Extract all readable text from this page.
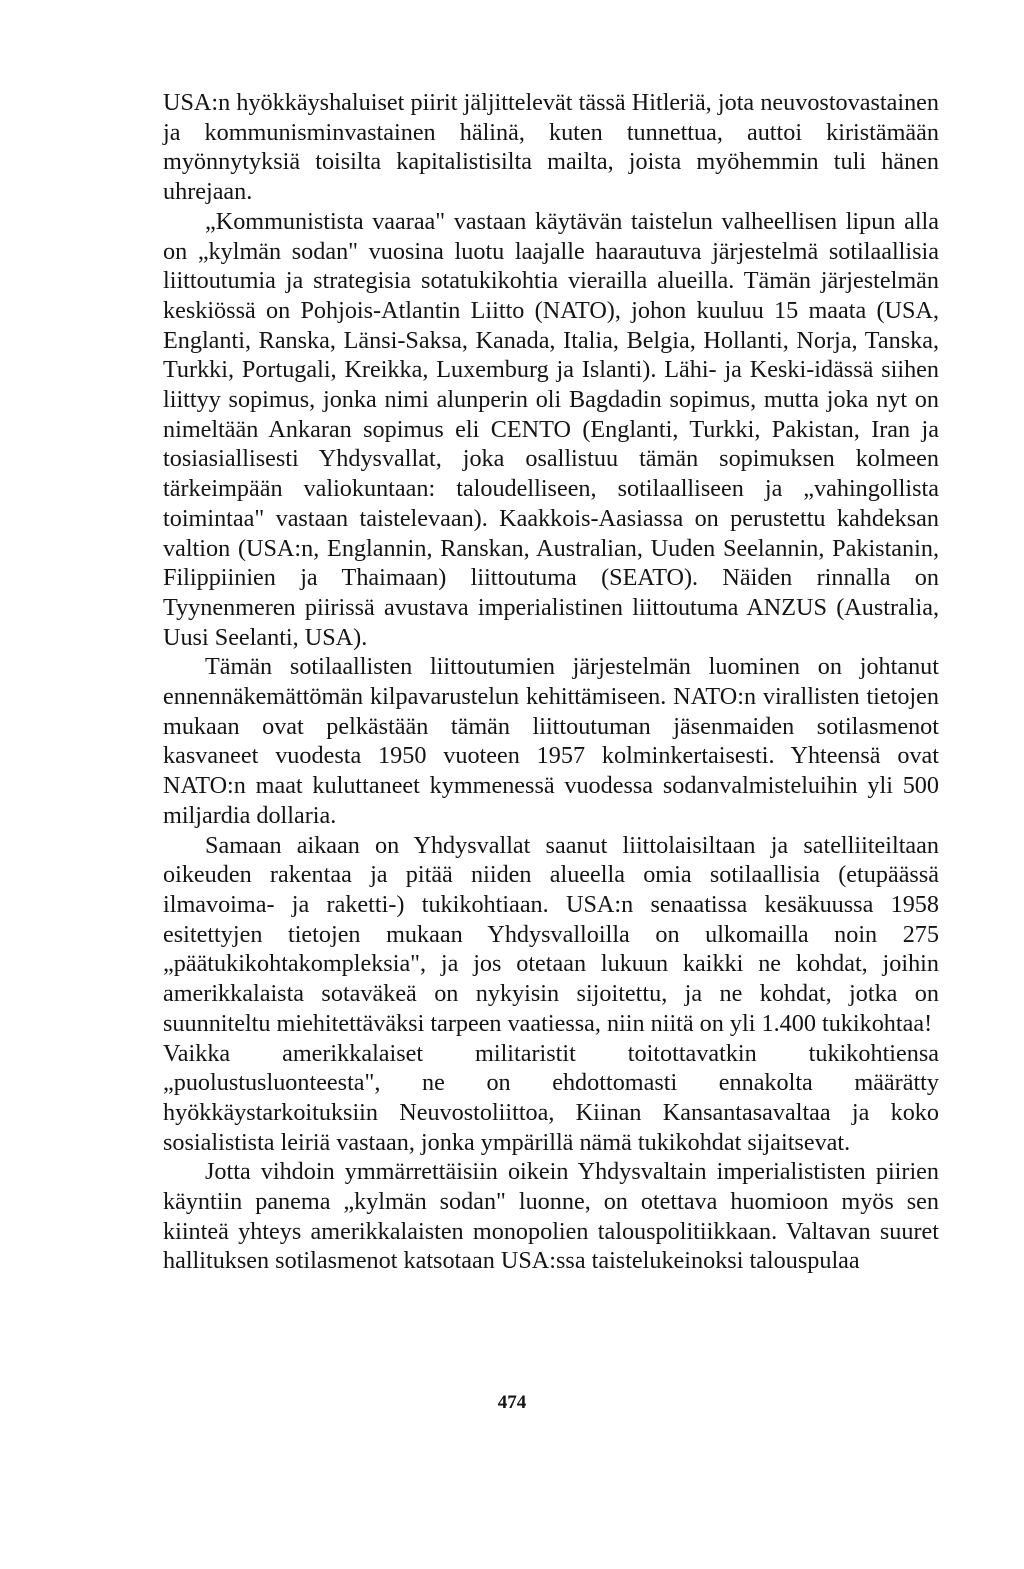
USA:n hyökkäyshaluiset piirit jäljittelevät tässä Hitleriä, jota neuvostovastainen ja kommunisminvastainen hälinä, kuten tunnettua, auttoi kiristämään myönnytyksiä toisilta kapitalistisilta mailta, joista myöhemmin tuli hänen uhrejaan.

„Kommunistista vaaraa" vastaan käytävän taistelun valheellisen lipun alla on „kylmän sodan" vuosina luotu laajalle haarautuva järjestelmä sotilaallisia liittoutumia ja strategisia sotatukikohtia vierailla alueilla. Tämän järjestelmän keskiössä on Pohjois-Atlantin Liitto (NATO), johon kuuluu 15 maata (USA, Englanti, Ranska, Länsi-Saksa, Kanada, Italia, Belgia, Hollanti, Norja, Tanska, Turkki, Portugali, Kreikka, Luxemburg ja Islanti). Lähi- ja Keski-idässä siihen liittyy sopimus, jonka nimi alunperin oli Bagdadin sopimus, mutta joka nyt on nimeltään Ankaran sopimus eli CENTO (Englanti, Turkki, Pakistan, Iran ja tosiasiallisesti Yhdysvallat, joka osallistuu tämän sopimuksen kolmeen tärkeimpään valiokuntaan: taloudelliseen, sotilaalliseen ja „vahingollista toimintaa" vastaan taistelevaan). Kaakkois-Aasiassa on perustettu kahdeksan valtion (USA:n, Englannin, Ranskan, Australian, Uuden Seelannin, Pakistanin, Filippiinien ja Thaimaan) liittoutuma (SEATO). Näiden rinnalla on Tyynenmeren piirissä avustava imperialistinen liittoutuma ANZUS (Australia, Uusi Seelanti, USA).

Tämän sotilaallisten liittoutumien järjestelmän luominen on johtanut ennennäkemättömän kilpavarustelun kehittämiseen. NATO:n virallisten tietojen mukaan ovat pelkästään tämän liittoutuman jäsenmaiden sotilasmenot kasvaneet vuodesta 1950 vuoteen 1957 kolminkertaisesti. Yhteensä ovat NATO:n maat kuluttaneet kymmenessä vuodessa sodanvalmisteluihin yli 500 miljardia dollaria.

Samaan aikaan on Yhdysvallat saanut liittolaisiltaan ja satelliiteiltaan oikeuden rakentaa ja pitää niiden alueella omia sotilaallisia (etupäässä ilmavoima- ja raketti-) tukikohtiaan. USA:n senaatissa kesäkuussa 1958 esitettyjen tietojen mukaan Yhdysvalloilla on ulkomailla noin 275 „päätukikohtakompleksia", ja jos otetaan lukuun kaikki ne kohdat, joihin amerikkalaista sotaväkeä on nykyisin sijoitettu, ja ne kohdat, jotka on suunniteltu miehitettäväksi tarpeen vaatiessa, niin niitä on yli 1.400 tukikohtaa!

Vaikka amerikkalaiset militaristit toitottavatkin tukikohtiensa „puolustusluonteesta", ne on ehdottomasti ennakolta määrätty hyökkäystarkoituksiin Neuvostoliittoa, Kiinan Kansantasavaltaa ja koko sosialistista leiriä vastaan, jonka ympärillä nämä tukikohdat sijaitsevat.

Jotta vihdoin ymmärrettäisiin oikein Yhdysvaltain imperialististen piirien käyntiin panema „kylmän sodan" luonne, on otettava huomioon myös sen kiinteä yhteys amerikkalaisten monopolien talouspolitiikkaan. Valtavan suuret hallituksen sotilasmenot katsotaan USA:ssa taistelukeinoksi talouspulaa

474
